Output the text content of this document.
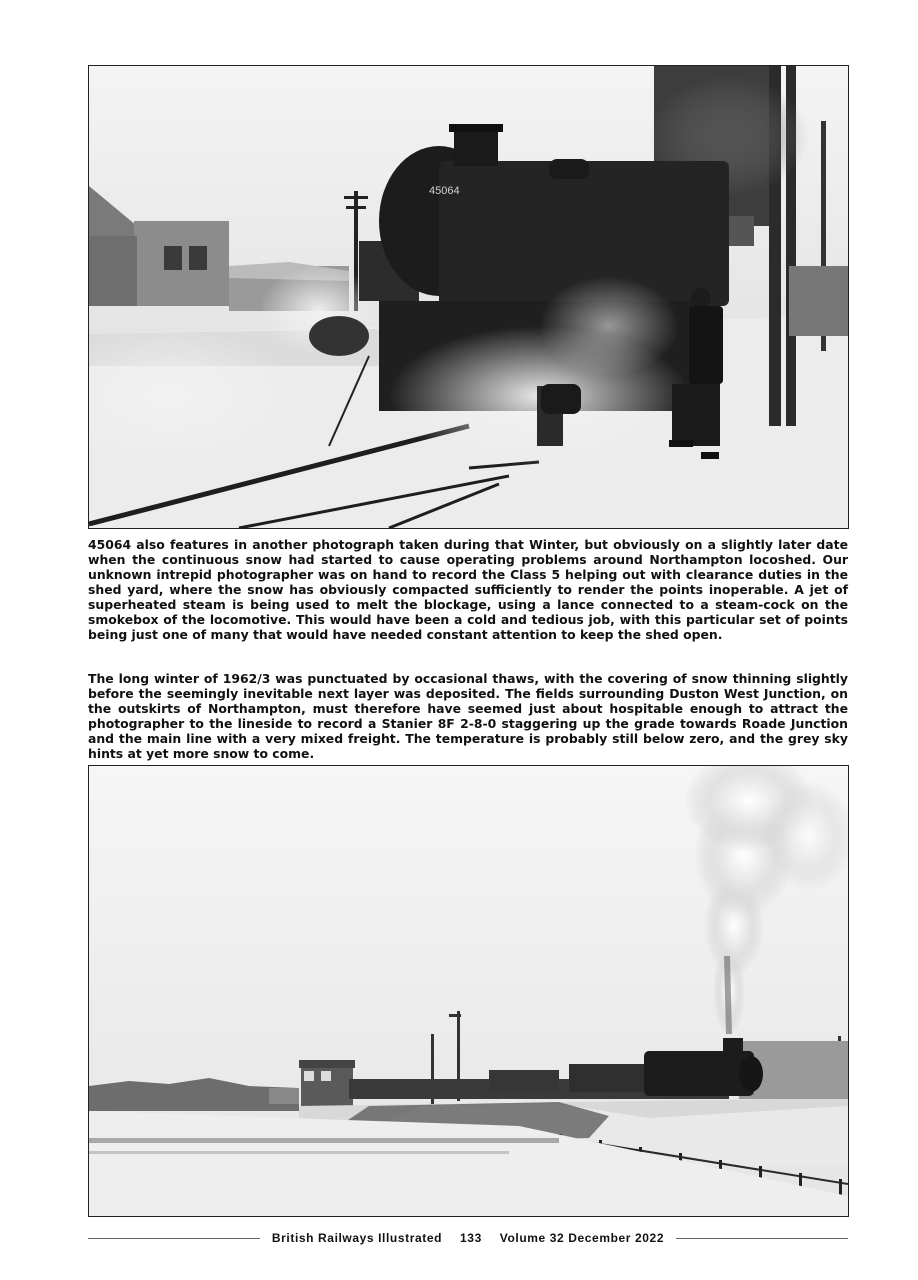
45064

45064 also features in another photograph taken during that Winter, but obviously on a slightly later date when the continuous snow had started to cause operating problems around Northampton locoshed. Our unknown intrepid photographer was on hand to record the Class 5 helping out with clearance duties in the shed yard, where the snow has obviously compacted sufficiently to render the points inoperable. A jet of superheated steam is being used to melt the blockage, using a lance connected to a steam-cock on the smokebox of the locomotive. This would have been a cold and tedious job, with this particular set of points being just one of many that would have needed constant attention to keep the shed open.

The long winter of 1962/3 was punctuated by occasional thaws, with the covering of snow thinning slightly before the seemingly inevitable next layer was deposited. The fields surrounding Duston West Junction, on the outskirts of Northampton, must therefore have seemed just about hospitable enough to attract the photographer to the lineside to record a Stanier 8F 2-8-0 staggering up the grade towards Roade Junction and the main line with a very mixed freight. The temperature is probably still below zero, and the grey sky hints at yet more snow to come.

British Railways Illustrated 133 Volume 32 December 2022
